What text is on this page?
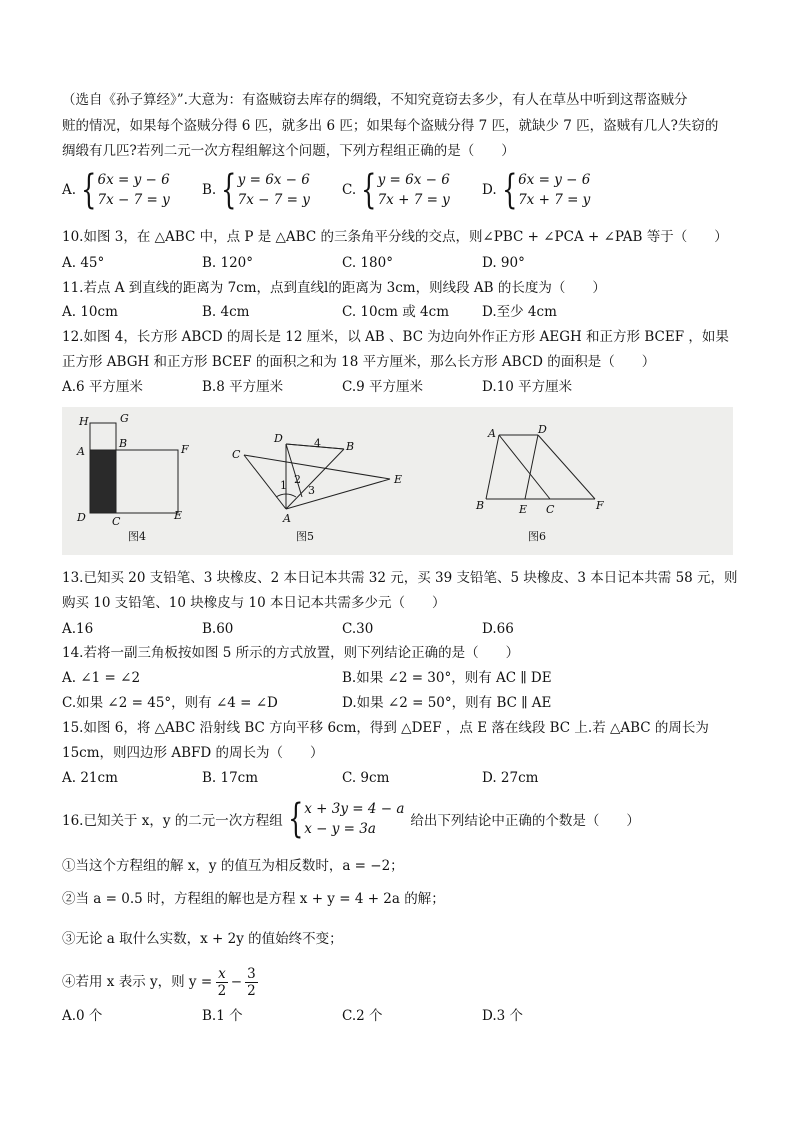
（选自《孙子算经》”.大意为：有盗贼窃去库存的绸缎，不知究竟窃去多少，有人在草丛中听到这帮盗贼分
赃的情况，如果每个盗贼分得 6 匹，就多出 6 匹；如果每个盗贼分得 7 匹，就缺少 7 匹，盗贼有几人?失窃的
绸缎有几匹?若列二元一次方程组解这个问题，下列方程组正确的是（　　）
A. { 6x = y − 6
7x − 7 = y
B. { y = 6x − 6
7x − 7 = y
C. { y = 6x − 6
7x + 7 = y
D. { 6x = y − 6
7x + 7 = y
10.如图 3，在 △ABC 中，点 P 是 △ABC 的三条角平分线的交点，则∠PBC + ∠PCA + ∠PAB 等于（　　）
A. 45°	B. 120°	C. 180°	D. 90°
11.若点 A 到直线的距离为 7cm，点到直线l的距离为 3cm，则线段 AB 的长度为（　　）
A. 10cm	B. 4cm	C. 10cm 或 4cm D.至少 4cm
12.如图 4，长方形 ABCD 的周长是 12 厘米，以 AB 、BC 为边向外作正方形 AEGH 和正方形 BCEF ，如果
正方形 ABGH 和正方形 BCEF 的面积之和为 18 平方厘米，那么长方形 ABCD 的面积是（　　）
A.6 平方厘米	B.8 平方厘米	C.9 平方厘米	D.10 平方厘米
H	G
A
B	F
D C	E
图4
C
D	4 B
1 2
3
A
E
图5
A	D
B	E C	F
图6
13.已知买 20 支铅笔、3 块橡皮、2 本日记本共需 32 元，买 39 支铅笔、5 块橡皮、3 本日记本共需 58 元，则
购买 10 支铅笔、10 块橡皮与 10 本日记本共需多少元（　　）
A.16	B.60	C.30	D.66
14.若将一副三角板按如图 5 所示的方式放置，则下列结论正确的是（　　）
A. ∠1 = ∠2	B.如果 ∠2 = 30°，则有 AC ∥ DE
C.如果 ∠2 = 45°，则有 ∠4 = ∠D	D.如果 ∠2 = 50°，则有 BC ∥ AE
15.如图 6，将 △ABC 沿射线 BC 方向平移 6cm，得到 △DEF ，点 E 落在线段 BC 上.若 △ABC 的周长为
15cm，则四边形 ABFD 的周长为（　　）
A. 21cm	B. 17cm	C. 9cm	D. 27cm
16.已知关于 x，y 的二元一次方程组 { x + 3y = 4 − a
x − y = 3a	给出下列结论中正确的个数是（　　）
①当这个方程组的解 x，y 的值互为相反数时，a = −2；
②当 a = 0.5 时，方程组的解也是方程 x + y = 4 + 2a 的解；
③无论 a 取什么实数，x + 2y 的值始终不变；
④若用 x 表示 y，则 $y = \frac{x}{2} - \frac{3}{2}$
A.0 个	B.1 个	C.2 个	D.3 个
